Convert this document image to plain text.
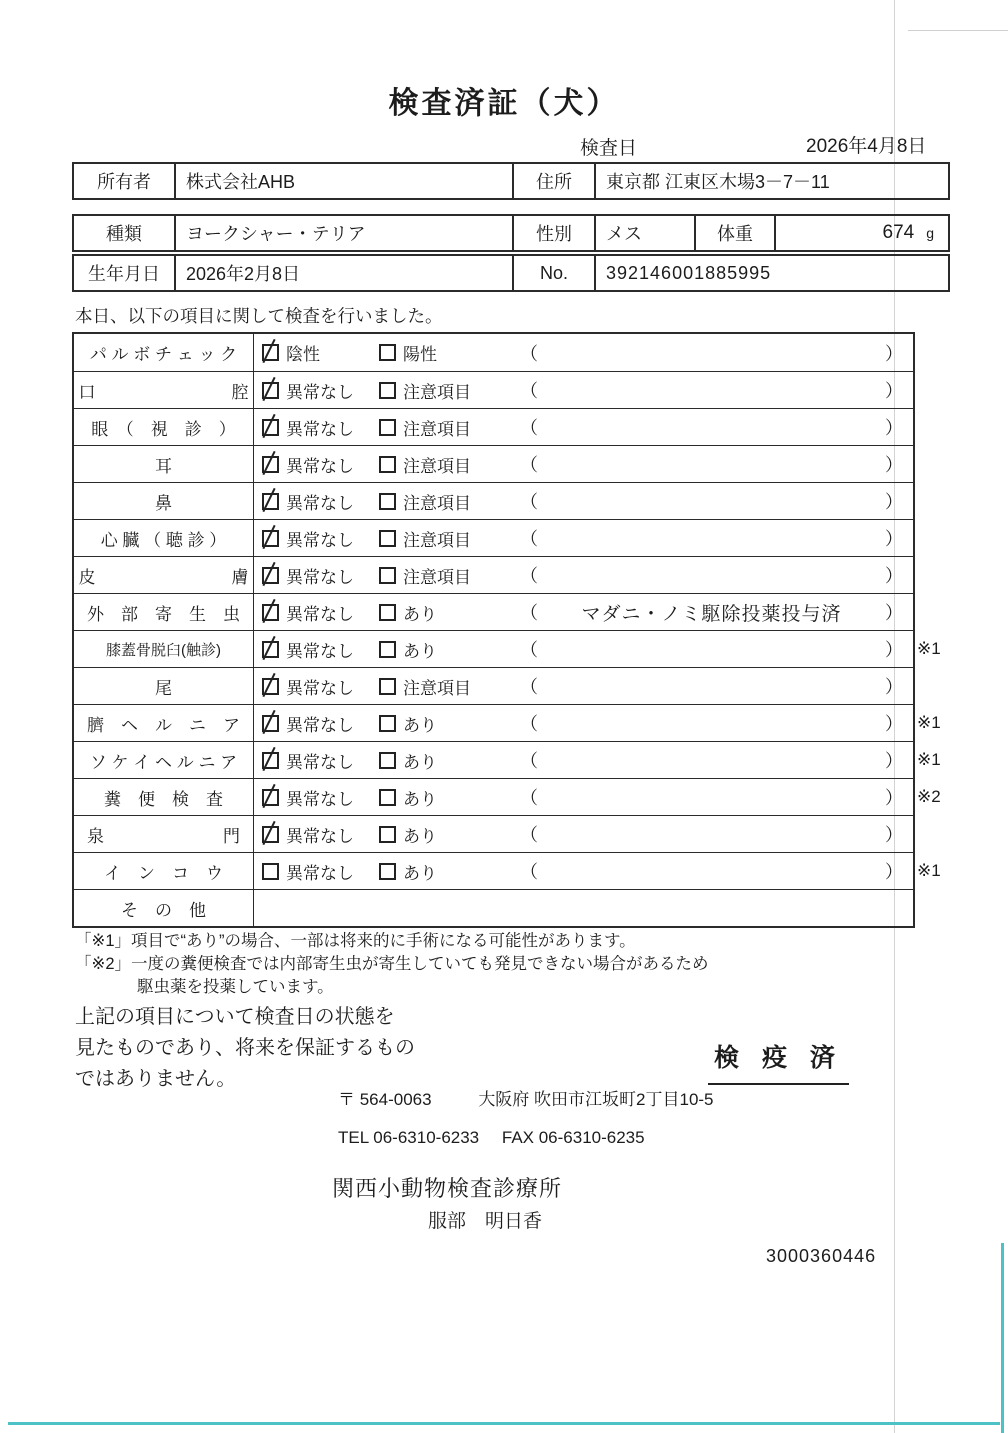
検査済証（犬）
検査日	2026年4月8日
所有者	株式会社AHB	住所	東京都 江東区木場3－7－11
種類	ヨークシャー・テリア	性別	メス	体重	674 g
生年月日	2026年2月8日	No.	392146001885995
本日、以下の項目に関して検査を行いました。
パ ル ボ チ ェ ッ ク	陰性	陽性	（	）
口　　　　　　　　腔	異常なし	注意項目	（	）
眼　（　視　診　）	異常なし	注意項目	（	）
耳	異常なし	注意項目	（	）
鼻	異常なし	注意項目	（	）
心 臓 （ 聴 診 ）	異常なし	注意項目	（	）
皮　　　　　　　　膚	異常なし	注意項目	（	）
外　部　寄　生　虫	異常なし	あり	（	マダニ・ノミ駆除投薬投与済	）
膝蓋骨脱臼(触診)	異常なし	あり	（	） ※1
尾	異常なし	注意項目	（	）
臍　ヘ　ル　ニ　ア	異常なし	あり	（	） ※1
ソ ケ イ ヘ ル ニ ア	異常なし	あり	（	） ※1
糞　便　検　査	異常なし	あり	（	） ※2
泉　　　　　　　門	異常なし	あり	（	）
イ　ン　コ　ウ	異常なし	あり	（	） ※1
そ　の　他
「※1」項目で“あり”の場合、一部は将来的に手術になる可能性があります。
「※2」一度の糞便検査では内部寄生虫が寄生していても発見できない場合があるため
駆虫薬を投薬しています。
上記の項目について検査日の状態を
見たものであり、将来を保証するもの
ではありません。
検 疫 済
〒 564-0063	大阪府 吹田市江坂町2丁目10-5
TEL 06-6310-6233 FAX 06-6310-6235
関西小動物検査診療所
服部　明日香
3000360446
